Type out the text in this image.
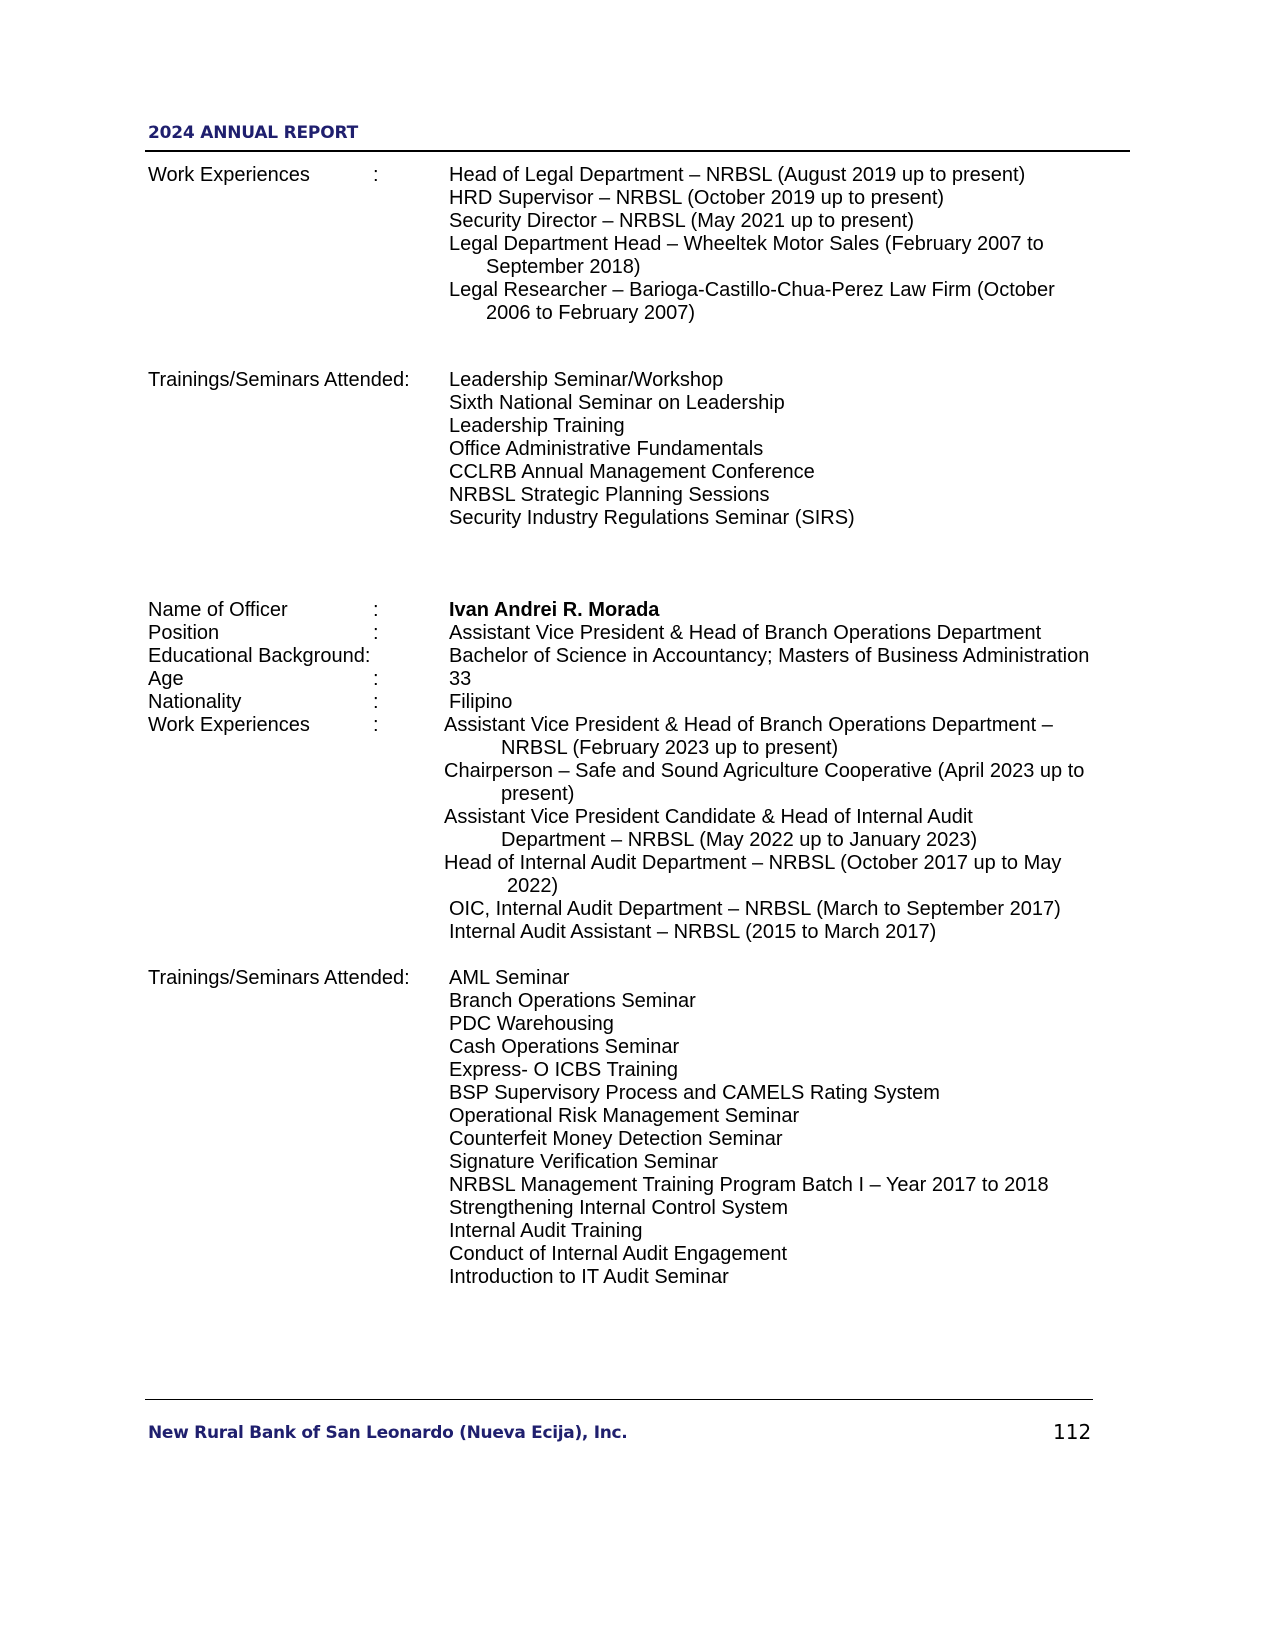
2024 ANNUAL REPORT
Work Experiences	:	Head of Legal Department – NRBSL (August 2019 up to present)
HRD Supervisor – NRBSL (October 2019 up to present)
Security Director – NRBSL (May 2021 up to present)
Legal Department Head – Wheeltek Motor Sales (February 2007 to
September 2018)
Legal Researcher – Barioga-Castillo-Chua-Perez Law Firm (October
2006 to February 2007)
Trainings/Seminars Attended: Leadership Seminar/Workshop
Sixth National Seminar on Leadership
Leadership Training
Office Administrative Fundamentals
CCLRB Annual Management Conference
NRBSL Strategic Planning Sessions
Security Industry Regulations Seminar (SIRS)
Name of Officer	:	Ivan Andrei R. Morada
Position	:	Assistant Vice President & Head of Branch Operations Department
Educational Background:	Bachelor of Science in Accountancy; Masters of Business Administration
Age	:	33
Nationality	:	Filipino
Work Experiences	:	Assistant Vice President & Head of Branch Operations Department –
NRBSL (February 2023 up to present)
Chairperson – Safe and Sound Agriculture Cooperative (April 2023 up to
present)
Assistant Vice President Candidate & Head of Internal Audit
Department – NRBSL (May 2022 up to January 2023)
Head of Internal Audit Department – NRBSL (October 2017 up to May
2022)
OIC, Internal Audit Department – NRBSL (March to September 2017)
Internal Audit Assistant – NRBSL (2015 to March 2017)
Trainings/Seminars Attended: AML Seminar
Branch Operations Seminar
PDC Warehousing
Cash Operations Seminar
Express- O ICBS Training
BSP Supervisory Process and CAMELS Rating System
Operational Risk Management Seminar
Counterfeit Money Detection Seminar
Signature Verification Seminar
NRBSL Management Training Program Batch I – Year 2017 to 2018
Strengthening Internal Control System
Internal Audit Training
Conduct of Internal Audit Engagement
Introduction to IT Audit Seminar
New Rural Bank of San Leonardo (Nueva Ecija), Inc.	112
